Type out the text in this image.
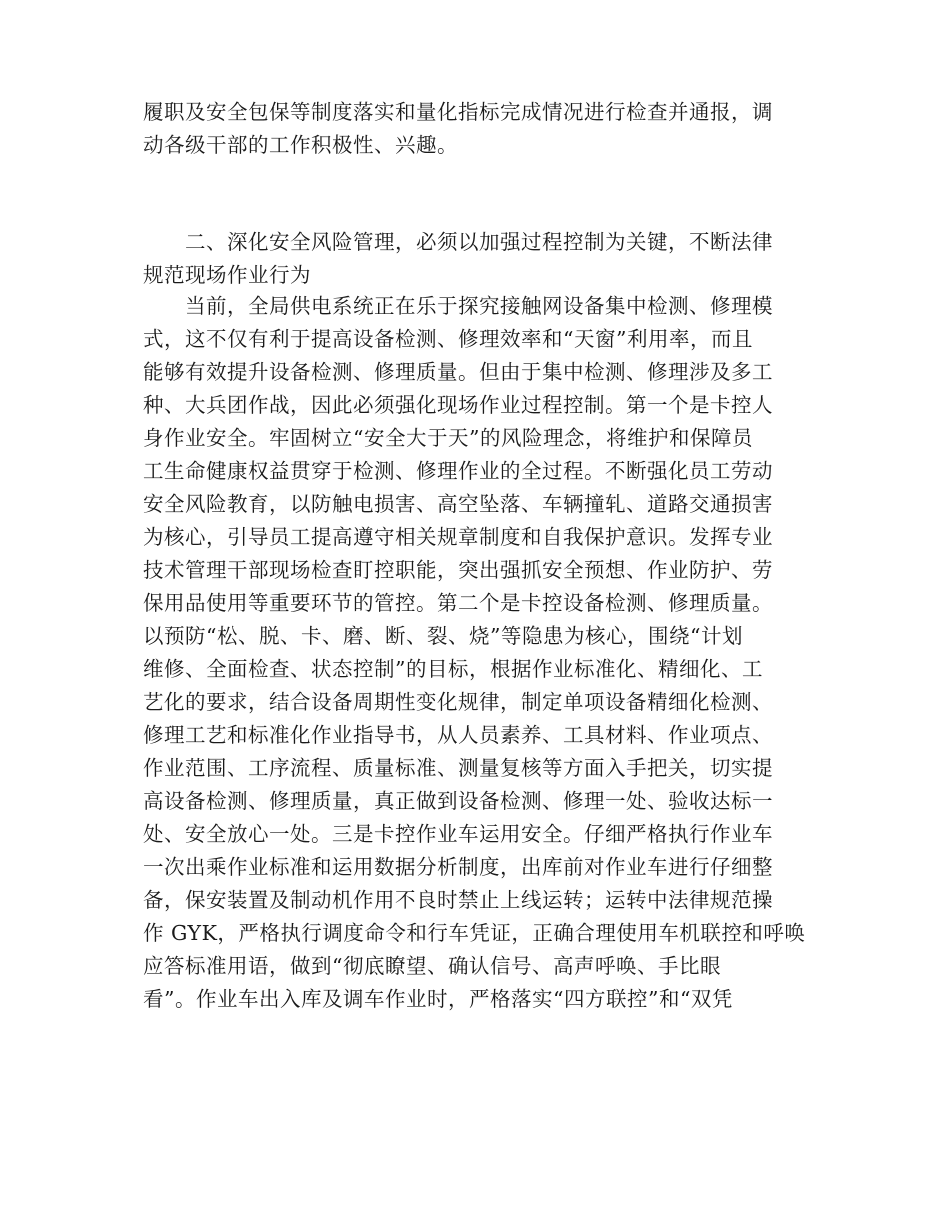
履职及安全包保等制度落实和量化指标完成情况进行检查并通报，调
动各级干部的工作积极性、兴趣。
二、深化安全风险管理，必须以加强过程控制为关键，不断法律
规范现场作业行为
当前，全局供电系统正在乐于探究接触网设备集中检测、修理模
式，这不仅有利于提高设备检测、修理效率和“天窗”利用率，而且
能够有效提升设备检测、修理质量。但由于集中检测、修理涉及多工
种、大兵团作战，因此必须强化现场作业过程控制。第一个是卡控人
身作业安全。牢固树立“安全大于天”的风险理念，将维护和保障员
工生命健康权益贯穿于检测、修理作业的全过程。不断强化员工劳动
安全风险教育，以防触电损害、高空坠落、车辆撞轧、道路交通损害
为核心，引导员工提高遵守相关规章制度和自我保护意识。发挥专业
技术管理干部现场检查盯控职能，突出强抓安全预想、作业防护、劳
保用品使用等重要环节的管控。第二个是卡控设备检测、修理质量。
以预防“松、脱、卡、磨、断、裂、烧”等隐患为核心，围绕“计划
维修、全面检查、状态控制”的目标，根据作业标准化、精细化、工
艺化的要求，结合设备周期性变化规律，制定单项设备精细化检测、
修理工艺和标准化作业指导书，从人员素养、工具材料、作业项点、
作业范围、工序流程、质量标准、测量复核等方面入手把关，切实提
高设备检测、修理质量，真正做到设备检测、修理一处、验收达标一
处、安全放心一处。三是卡控作业车运用安全。仔细严格执行作业车
一次出乘作业标准和运用数据分析制度，出库前对作业车进行仔细整
备，保安装置及制动机作用不良时禁止上线运转；运转中法律规范操
作 GYK，严格执行调度命令和行车凭证，正确合理使用车机联控和呼唤
应答标准用语，做到“彻底瞭望、确认信号、高声呼唤、手比眼
看”。作业车出入库及调车作业时，严格落实“四方联控”和“双凭
